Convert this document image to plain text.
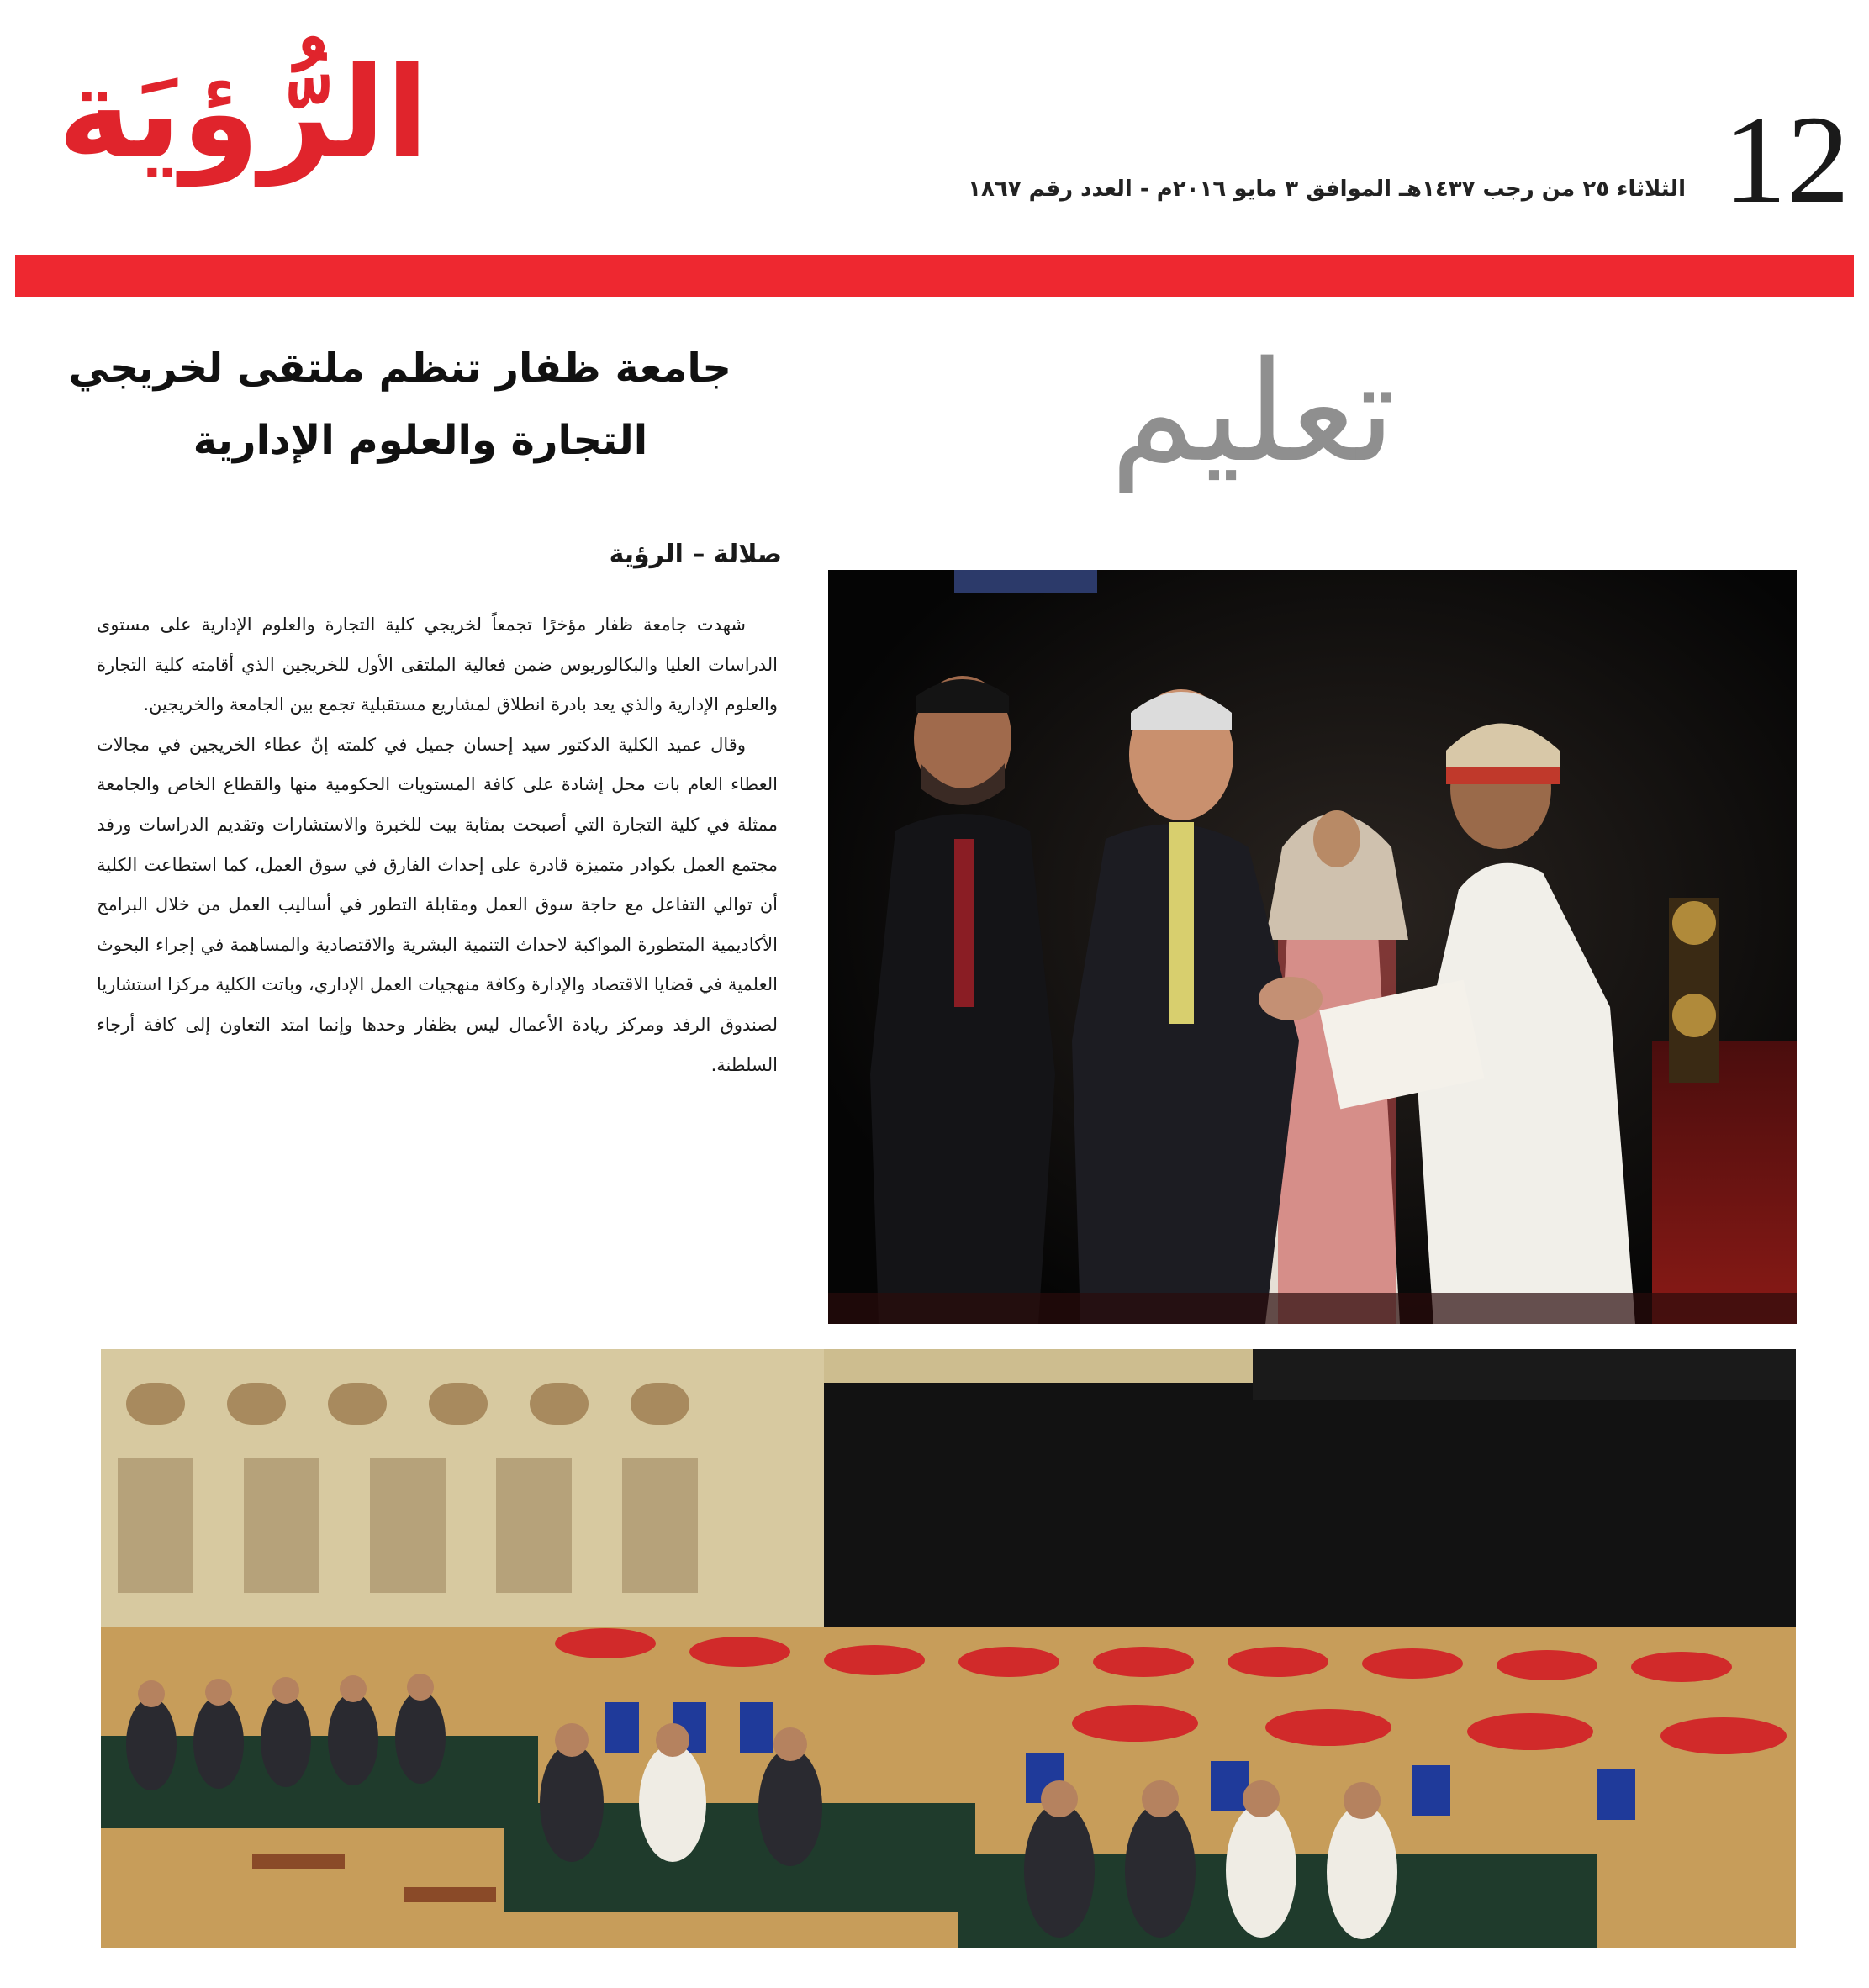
الرُّؤيَة	12
الثلاثاء ٢٥ من رجب ١٤٣٧هـ الموافق ٣ مايو ٢٠١٦م - العدد رقم ١٨٦٧
تعليم
جامعة ظفار تنظم ملتقى لخريجي
التجارة والعلوم الإدارية
صلالة – الرؤية

شهدت جامعة ظفار مؤخرًا تجمعاً لخريجي كلية التجارة والعلوم الإدارية على مستوى الدراسات العليا والبكالوريوس ضمن فعالية الملتقى الأول للخريجين الذي أقامته كلية التجارة والعلوم الإدارية والذي يعد بادرة انطلاق لمشاريع مستقبلية تجمع بين الجامعة والخريجين.

وقال عميد الكلية الدكتور سيد إحسان جميل في كلمته إنّ عطاء الخريجين في مجالات العطاء العام بات محل إشادة على كافة المستويات الحكومية منها والقطاع الخاص والجامعة ممثلة في كلية التجارة التي أصبحت بمثابة بيت للخبرة والاستشارات وتقديم الدراسات ورفد مجتمع العمل بكوادر متميزة قادرة على إحداث الفارق في سوق العمل، كما استطاعت الكلية أن توالي التفاعل مع حاجة سوق العمل ومقابلة التطور في أساليب العمل من خلال البرامج الأكاديمية المتطورة المواكبة لاحداث التنمية البشرية والاقتصادية والمساهمة في إجراء البحوث العلمية في قضايا الاقتصاد والإدارة وكافة منهجيات العمل الإداري، وباتت الكلية مركزا استشاريا لصندوق الرفد ومركز ريادة الأعمال ليس بظفار وحدها وإنما امتد التعاون إلى كافة أرجاء السلطنة.
